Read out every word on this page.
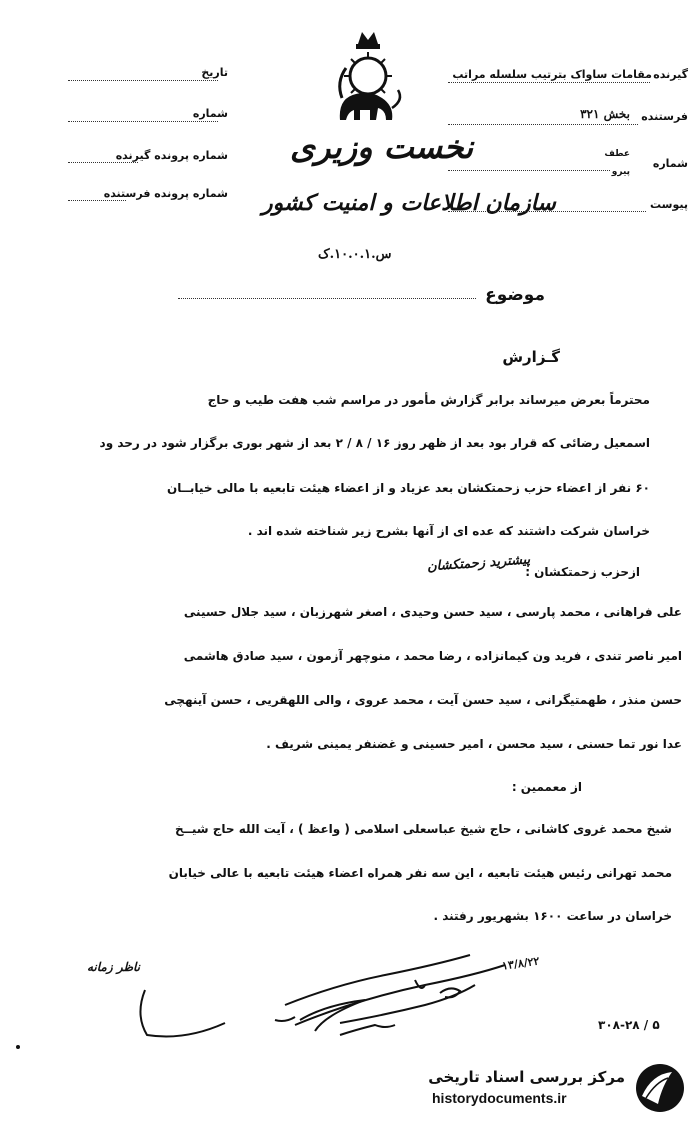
تاریخ
شماره
شماره پرونده گیرنده
شماره پرونده فرستنده
نخست وزیری
سازمان اطلاعات و امنیت کشور
س.۱۰.۰.۱.ک
گیرنده
مقامات ساواک بترتیب سلسله مراتب
فرستنده
بخش ۳۲۱
شماره
عطف
پیرو
پیوست
موضوع
گـزارش
محترماً بعرض میرساند برابر گزارش مأمور در مراسم شب هفت طیب و حاج
اسمعیل رضائی که قرار بود بعد از ظهر روز ۱۶ / ۸ / ۲ بعد از شهر بوری برگزار شود در رحد ود
۶۰ نفر از اعضاء حزب زحمتکشان بعد عزیاد و از اعضاء هیئت تابعیه با مالی خیابــان
خراسان شرکت داشتند که عده ای از آنها بشرح زیر شناخته شده اند .
ازحزب زحمتکشان :
پیشترید زحمتکشان
علی فراهانی ، محمد پارسی ، سید حسن وحیدی ، اصغر شهرزبان ، سید جلال حسینی
امیر ناصر تندی ، فرید ون کیمانزاده ، رضا محمد ، منوچهر آزمون ، سید صادق هاشمی
حسن منذر ، طهمتیگرانی ، سید حسن آیت ، محمد عروی ، والی اللهقریی ، حسن آینهچی
عدا نور تما حسنی ، سید محسن ، امیر حسینی و غضنفر یمینی شریف .
از معممین :
شیخ محمد غروی کاشانی ، حاج شیخ عباسعلی اسلامی ( واعظ ) ، آیت الله حاج شیــخ
محمد تهرانی رئیس هیئت تابعیه ، این سه نفر همراه اعضاء هیئت تابعیه با عالی خیابان
خراسان در ساعت ۱۶۰۰ بشهریور رفتند .
ناظر زمانه	۱۳/۸/۲۲
۳۰۸-۲۸ / ۵
مرکز بررسی اسناد تاریخی
historydocuments.ir
